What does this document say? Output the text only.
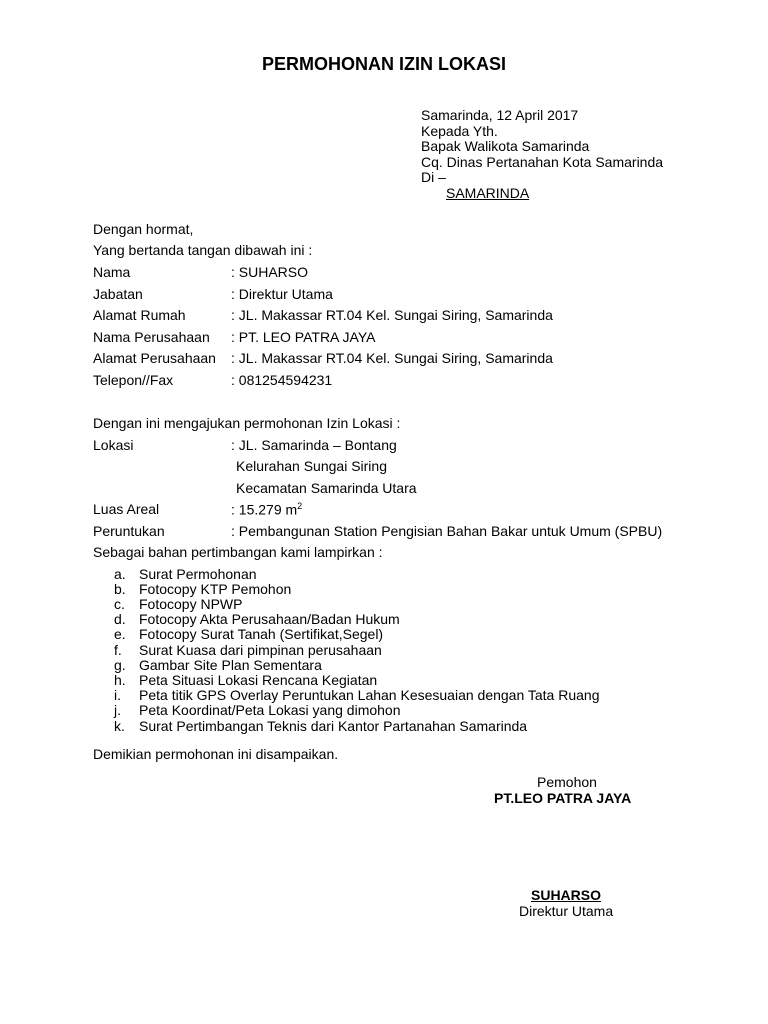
PERMOHONAN IZIN LOKASI
Samarinda, 12 April 2017
Kepada Yth.
Bapak Walikota Samarinda
Cq. Dinas Pertanahan Kota Samarinda
Di –
SAMARINDA
Dengan hormat,
Yang bertanda tangan dibawah ini :
Nama	: SUHARSO
Jabatan	: Direktur Utama
Alamat Rumah	: JL. Makassar RT.04 Kel. Sungai Siring, Samarinda
Nama Perusahaan : PT. LEO PATRA JAYA
Alamat Perusahaan : JL. Makassar RT.04 Kel. Sungai Siring, Samarinda
Telepon//Fax	: 081254594231
Dengan ini mengajukan permohonan Izin Lokasi :
Lokasi	: JL. Samarinda – Bontang
Kelurahan Sungai Siring
Kecamatan Samarinda Utara
Luas Areal	: 15.279 $m^2$
Peruntukan	: Pembangunan Station Pengisian Bahan Bakar untuk Umum (SPBU)
Sebagai bahan pertimbangan kami lampirkan :
a. Surat Permohonan
b. Fotocopy KTP Pemohon
c. Fotocopy NPWP
d. Fotocopy Akta Perusahaan/Badan Hukum
e. Fotocopy Surat Tanah (Sertifikat,Segel)
f. Surat Kuasa dari pimpinan perusahaan
g. Gambar Site Plan Sementara
h. Peta Situasi Lokasi Rencana Kegiatan
i. Peta titik GPS Overlay Peruntukan Lahan Kesesuaian dengan Tata Ruang
j. Peta Koordinat/Peta Lokasi yang dimohon
k. Surat Pertimbangan Teknis dari Kantor Partanahan Samarinda
Demikian permohonan ini disampaikan.
Pemohon
PT.LEO PATRA JAYA
SUHARSO
Direktur Utama
